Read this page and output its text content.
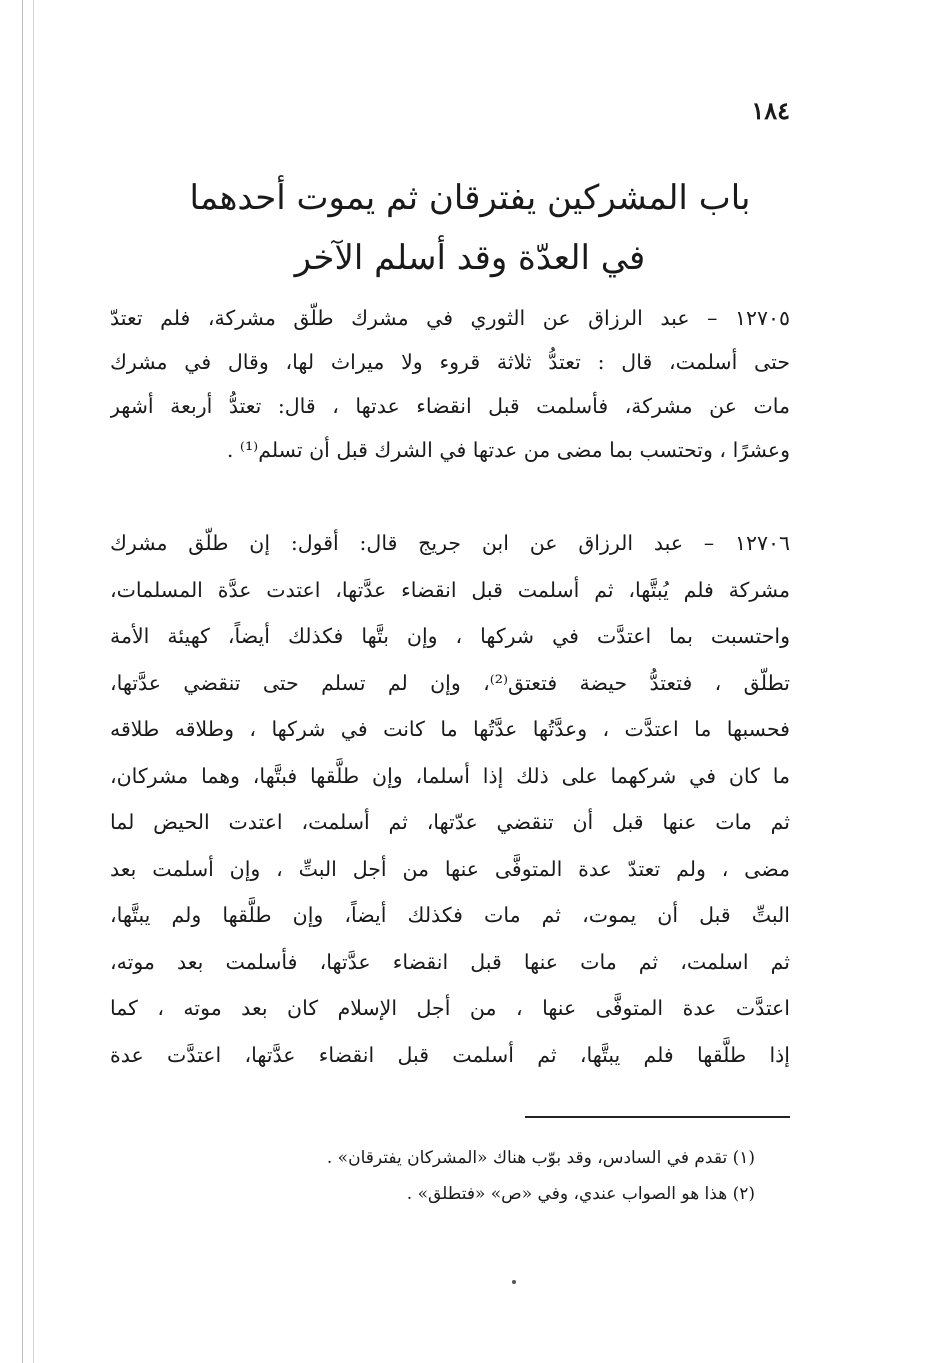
١٨٤
باب المشركين يفترقان ثم يموت أحدهما
في العدّة وقد أسلم الآخر
١٢٧٠٥ – عبد الرزاق عن الثوري في مشرك طلّق مشركة، فلم تعتدّ
حتى أسلمت، قال : تعتدُّ ثلاثة قروء ولا ميراث لها، وقال في مشرك
مات عن مشركة، فأسلمت قبل انقضاء عدتها ، قال: تعتدُّ أربعة أشهر
وعشرًا ، وتحتسب بما مضى من عدتها في الشرك قبل أن تسلم⁽¹⁾ .
١٢٧٠٦ – عبد الرزاق عن ابن جريج قال: أقول: إن طلّق مشرك
مشركة فلم يُبتَّها، ثم أسلمت قبل انقضاء عدَّتها، اعتدت عدَّة المسلمات،
واحتسبت بما اعتدَّت في شركها ، وإن بتَّها فكذلك أيضاً، كهيئة الأمة
تطلّق ، فتعتدُّ حيضة فتعتق⁽²⁾، وإن لم تسلم حتى تنقضي عدَّتها،
فحسبها ما اعتدَّت ، وعدَّتُها عدَّتُها ما كانت في شركها ، وطلاقه طلاقه
ما كان في شركهما على ذلك إذا أسلما، وإن طلَّقها فبتَّها، وهما مشركان،
ثم مات عنها قبل أن تنقضي عدّتها، ثم أسلمت، اعتدت الحيض لما
مضى ، ولم تعتدّ عدة المتوفَّى عنها من أجل البتِّ ، وإن أسلمت بعد
البتِّ قبل أن يموت، ثم مات فكذلك أيضاً، وإن طلَّقها ولم يبتَّها،
ثم اسلمت، ثم مات عنها قبل انقضاء عدَّتها، فأسلمت بعد موته،
اعتدَّت عدة المتوفَّى عنها ، من أجل الإسلام كان بعد موته ، كما
إذا طلَّقها فلم يبتَّها، ثم أسلمت قبل انقضاء عدَّتها، اعتدَّت عدة
(١) تقدم في السادس، وقد بوّب هناك «المشركان يفترقان» .
(٢) هذا هو الصواب عندي، وفي «ص» «فتطلق» .
